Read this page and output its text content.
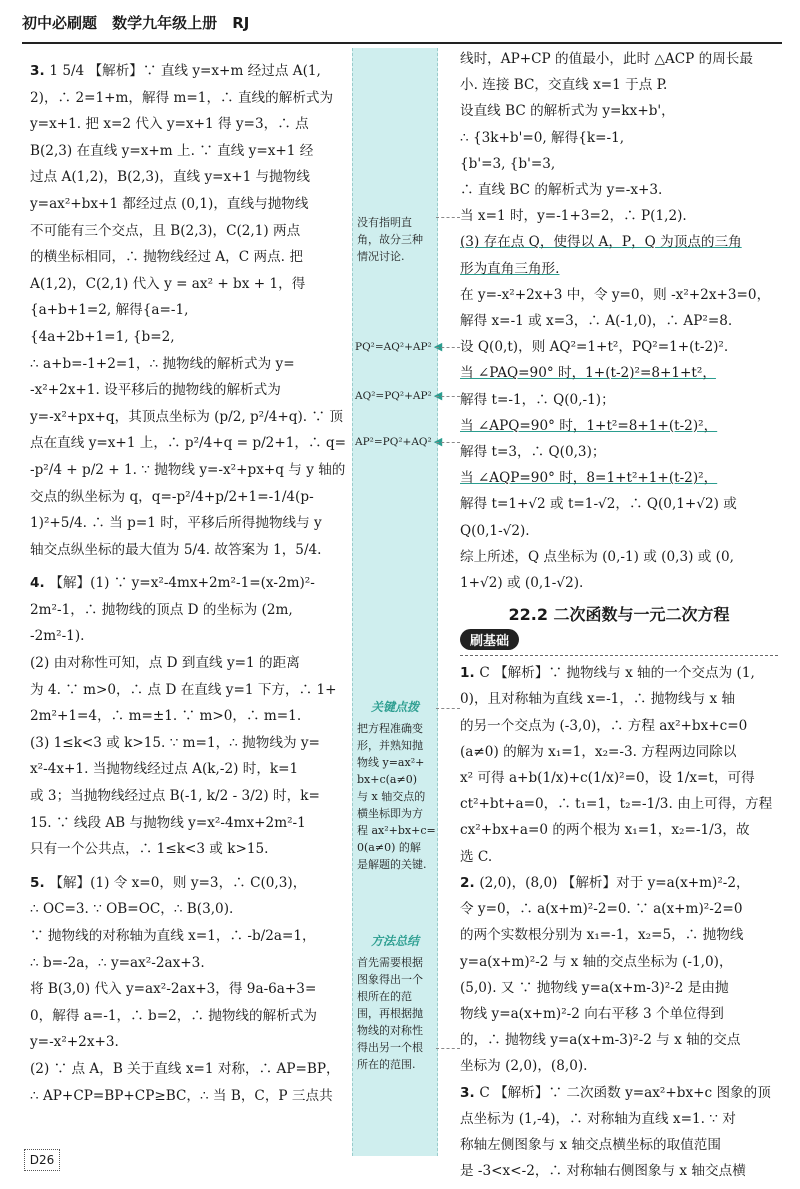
初中必刷题 数学九年级上册 RJ
3. 1 5/4 【解析】∵ 直线 y=x+m 经过点 A(1,
2)，∴ 2=1+m，解得 m=1，∴ 直线的解析式为
y=x+1. 把 x=2 代入 y=x+1 得 y=3，∴ 点
B(2,3) 在直线 y=x+m 上. ∵ 直线 y=x+1 经
过点 A(1,2)，B(2,3)，直线 y=x+1 与抛物线
y=ax²+bx+1 都经过点 (0,1)，直线与抛物线
不可能有三个交点，且 B(2,3)，C(2,1) 两点
的横坐标相同，∴ 抛物线经过 A，C 两点. 把
A(1,2)，C(2,1) 代入 y = ax² + bx + 1，得
{a+b+1=2, 解得{a=-1,
{4a+2b+1=1, {b=2,
∴ a+b=-1+2=1，∴ 抛物线的解析式为 y=
-x²+2x+1. 设平移后的抛物线的解析式为
y=-x²+px+q，其顶点坐标为 (p/2, p²/4+q). ∵ 顶
点在直线 y=x+1 上，∴ p²/4+q = p/2+1，∴ q=
-p²/4 + p/2 + 1. ∵ 抛物线 y=-x²+px+q 与 y 轴的
交点的纵坐标为 q，q=-p²/4+p/2+1=-1/4(p-
1)²+5/4. ∴ 当 p=1 时，平移后所得抛物线与 y
轴交点纵坐标的最大值为 5/4. 故答案为 1，5/4.
4. 【解】(1) ∵ y=x²-4mx+2m²-1=(x-2m)²-
2m²-1，∴ 抛物线的顶点 D 的坐标为 (2m,
-2m²-1).
(2) 由对称性可知，点 D 到直线 y=1 的距离
为 4. ∵ m>0，∴ 点 D 在直线 y=1 下方，∴ 1+
2m²+1=4，∴ m=±1. ∵ m>0，∴ m=1.
(3) 1≤k<3 或 k>15. ∵ m=1，∴ 抛物线为 y=
x²-4x+1. 当抛物线经过点 A(k,-2) 时，k=1
或 3；当抛物线经过点 B(-1, k/2 - 3/2) 时，k=
15. ∵ 线段 AB 与抛物线 y=x²-4mx+2m²-1
只有一个公共点，∴ 1≤k<3 或 k>15.
5. 【解】(1) 令 x=0，则 y=3，∴ C(0,3)，
∴ OC=3. ∵ OB=OC，∴ B(3,0).
∵ 抛物线的对称轴为直线 x=1，∴ -b/2a=1，
∴ b=-2a，∴ y=ax²-2ax+3.
将 B(3,0) 代入 y=ax²-2ax+3，得 9a-6a+3=
0，解得 a=-1，∴ b=2，∴ 抛物线的解析式为
y=-x²+2x+3.
(2) ∵ 点 A，B 关于直线 x=1 对称，∴ AP=BP，
∴ AP+CP=BP+CP≥BC，∴ 当 B，C，P 三点共
没有指明直
角，故分三种
情况讨论.
PQ²=AQ²+AP² ◀
AQ²=PQ²+AP² ◀
AP²=PQ²+AQ² ◀
关键点拨
把方程准确变
形，并熟知抛
物线 y=ax²+
bx+c(a≠0)
与 x 轴交点的
横坐标即为方
程 ax²+bx+c=
0(a≠0) 的解
是解题的关键.
方法总结
首先需要根据
图象得出一个
根所在的范
围，再根据抛
物线的对称性
得出另一个根
所在的范围.
线时，AP+CP 的值最小，此时 △ACP 的周长最
小. 连接 BC，交直线 x=1 于点 P.
设直线 BC 的解析式为 y=kx+b'，
∴ {3k+b'=0, 解得{k=-1,
{b'=3, {b'=3,
∴ 直线 BC 的解析式为 y=-x+3.
当 x=1 时，y=-1+3=2，∴ P(1,2).
(3) 存在点 Q，使得以 A，P，Q 为顶点的三角
形为直角三角形.
在 y=-x²+2x+3 中，令 y=0，则 -x²+2x+3=0，
解得 x=-1 或 x=3，∴ A(-1,0)，∴ AP²=8.
设 Q(0,t)，则 AQ²=1+t²，PQ²=1+(t-2)².
当 ∠PAQ=90° 时，1+(t-2)²=8+1+t²，
解得 t=-1，∴ Q(0,-1)；
当 ∠APQ=90° 时，1+t²=8+1+(t-2)²，
解得 t=3，∴ Q(0,3)；
当 ∠AQP=90° 时，8=1+t²+1+(t-2)²，
解得 t=1+√2 或 t=1-√2，∴ Q(0,1+√2) 或
Q(0,1-√2).
综上所述，Q 点坐标为 (0,-1) 或 (0,3) 或 (0,
1+√2) 或 (0,1-√2).
22.2 二次函数与一元二次方程
刷基础
1. C 【解析】∵ 抛物线与 x 轴的一个交点为 (1,
0)，且对称轴为直线 x=-1，∴ 抛物线与 x 轴
的另一个交点为 (-3,0)，∴ 方程 ax²+bx+c=0
(a≠0) 的解为 x₁=1，x₂=-3. 方程两边同除以
x² 可得 a+b(1/x)+c(1/x)²=0，设 1/x=t，可得
ct²+bt+a=0，∴ t₁=1，t₂=-1/3. 由上可得，方程
cx²+bx+a=0 的两个根为 x₁=1，x₂=-1/3，故
选 C.
2. (2,0)，(8,0) 【解析】对于 y=a(x+m)²-2，
令 y=0，∴ a(x+m)²-2=0. ∵ a(x+m)²-2=0
的两个实数根分别为 x₁=-1，x₂=5，∴ 抛物线
y=a(x+m)²-2 与 x 轴的交点坐标为 (-1,0)，
(5,0). 又 ∵ 抛物线 y=a(x+m-3)²-2 是由抛
物线 y=a(x+m)²-2 向右平移 3 个单位得到
的，∴ 抛物线 y=a(x+m-3)²-2 与 x 轴的交点
坐标为 (2,0)，(8,0).
3. C 【解析】∵ 二次函数 y=ax²+bx+c 图象的顶
点坐标为 (1,-4)，∴ 对称轴为直线 x=1. ∵ 对
称轴左侧图象与 x 轴交点横坐标的取值范围
是 -3<x<-2，∴ 对称轴右侧图象与 x 轴交点横
D26
